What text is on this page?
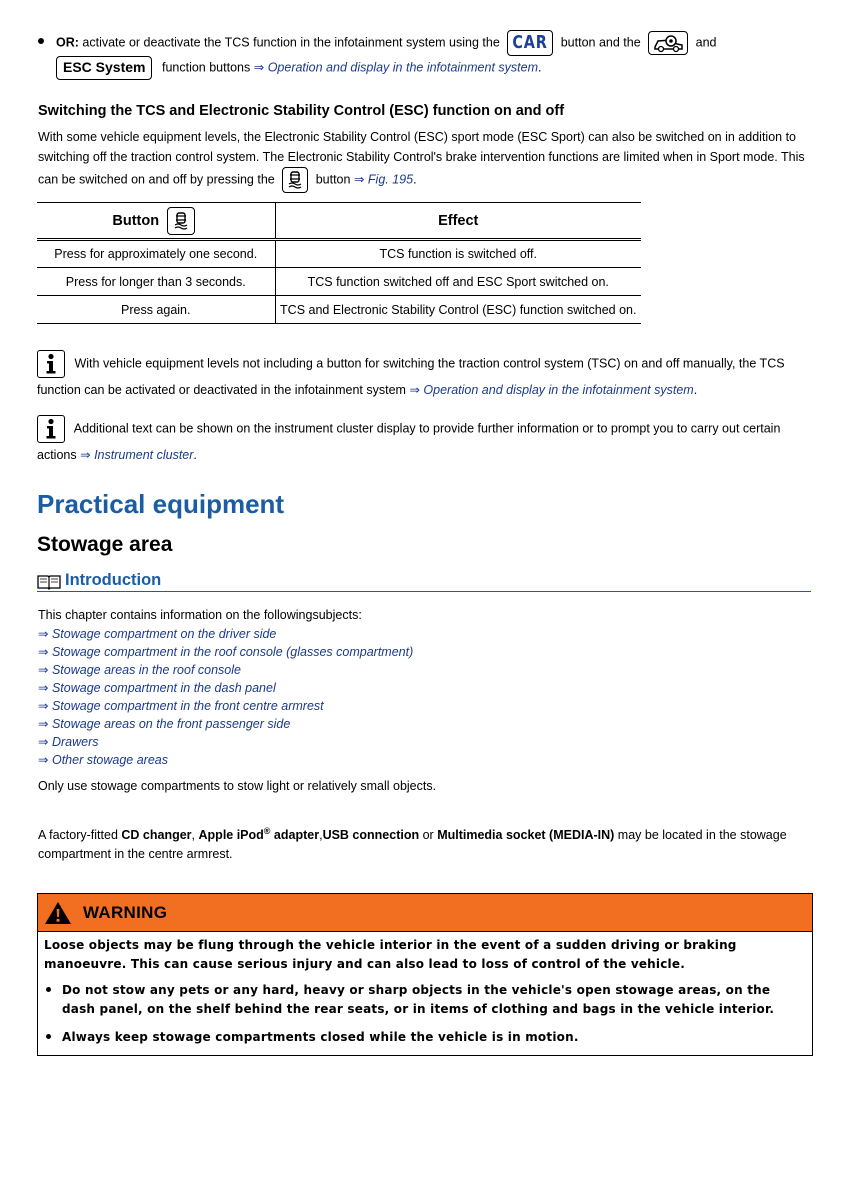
OR: activate or deactivate the TCS function in the infotainment system using the CAR button and the	and
ESC System function buttons ⇒ Operation and display in the infotainment system.
Switching the TCS and Electronic Stability Control (ESC) function on and off
With some vehicle equipment levels, the Electronic Stability Control (ESC) sport mode (ESC Sport) can also be switched on in addition to switching off the traction control system. The Electronic Stability Control's brake intervention functions are limited when in Sport mode. This can be switched on and off by pressing the	button ⇒ Fig. 195.
Button	Effect
Press for approximately one second.	TCS function is switched off.
Press for longer than 3 seconds.	TCS function switched off and ESC Sport switched on.
Press again.	TCS and Electronic Stability Control (ESC) function switched on.
With vehicle equipment levels not including a button for switching the traction control system (TSC) on and off manually, the TCS function can be activated or deactivated in the infotainment system ⇒ Operation and display in the infotainment system.
Additional text can be shown on the instrument cluster display to provide further information or to prompt you to carry out certain actions ⇒ Instrument cluster.
Practical equipment
Stowage area
Introduction
This chapter contains information on the followingsubjects:
⇒ Stowage compartment on the driver side
⇒ Stowage compartment in the roof console (glasses compartment)
⇒ Stowage areas in the roof console
⇒ Stowage compartment in the dash panel
⇒ Stowage compartment in the front centre armrest
⇒ Stowage areas on the front passenger side
⇒ Drawers
⇒ Other stowage areas
Only use stowage compartments to stow light or relatively small objects.
A factory-fitted CD changer, Apple iPod® adapter,USB connection or Multimedia socket (MEDIA-IN) may be located in the stowage compartment in the centre armrest.
WARNING
Loose objects may be flung through the vehicle interior in the event of a sudden driving or braking manoeuvre. This can cause serious injury and can also lead to loss of control of the vehicle.
Do not stow any pets or any hard, heavy or sharp objects in the vehicle's open stowage areas, on the dash panel, on the shelf behind the rear seats, or in items of clothing and bags in the vehicle interior.
Always keep stowage compartments closed while the vehicle is in motion.
